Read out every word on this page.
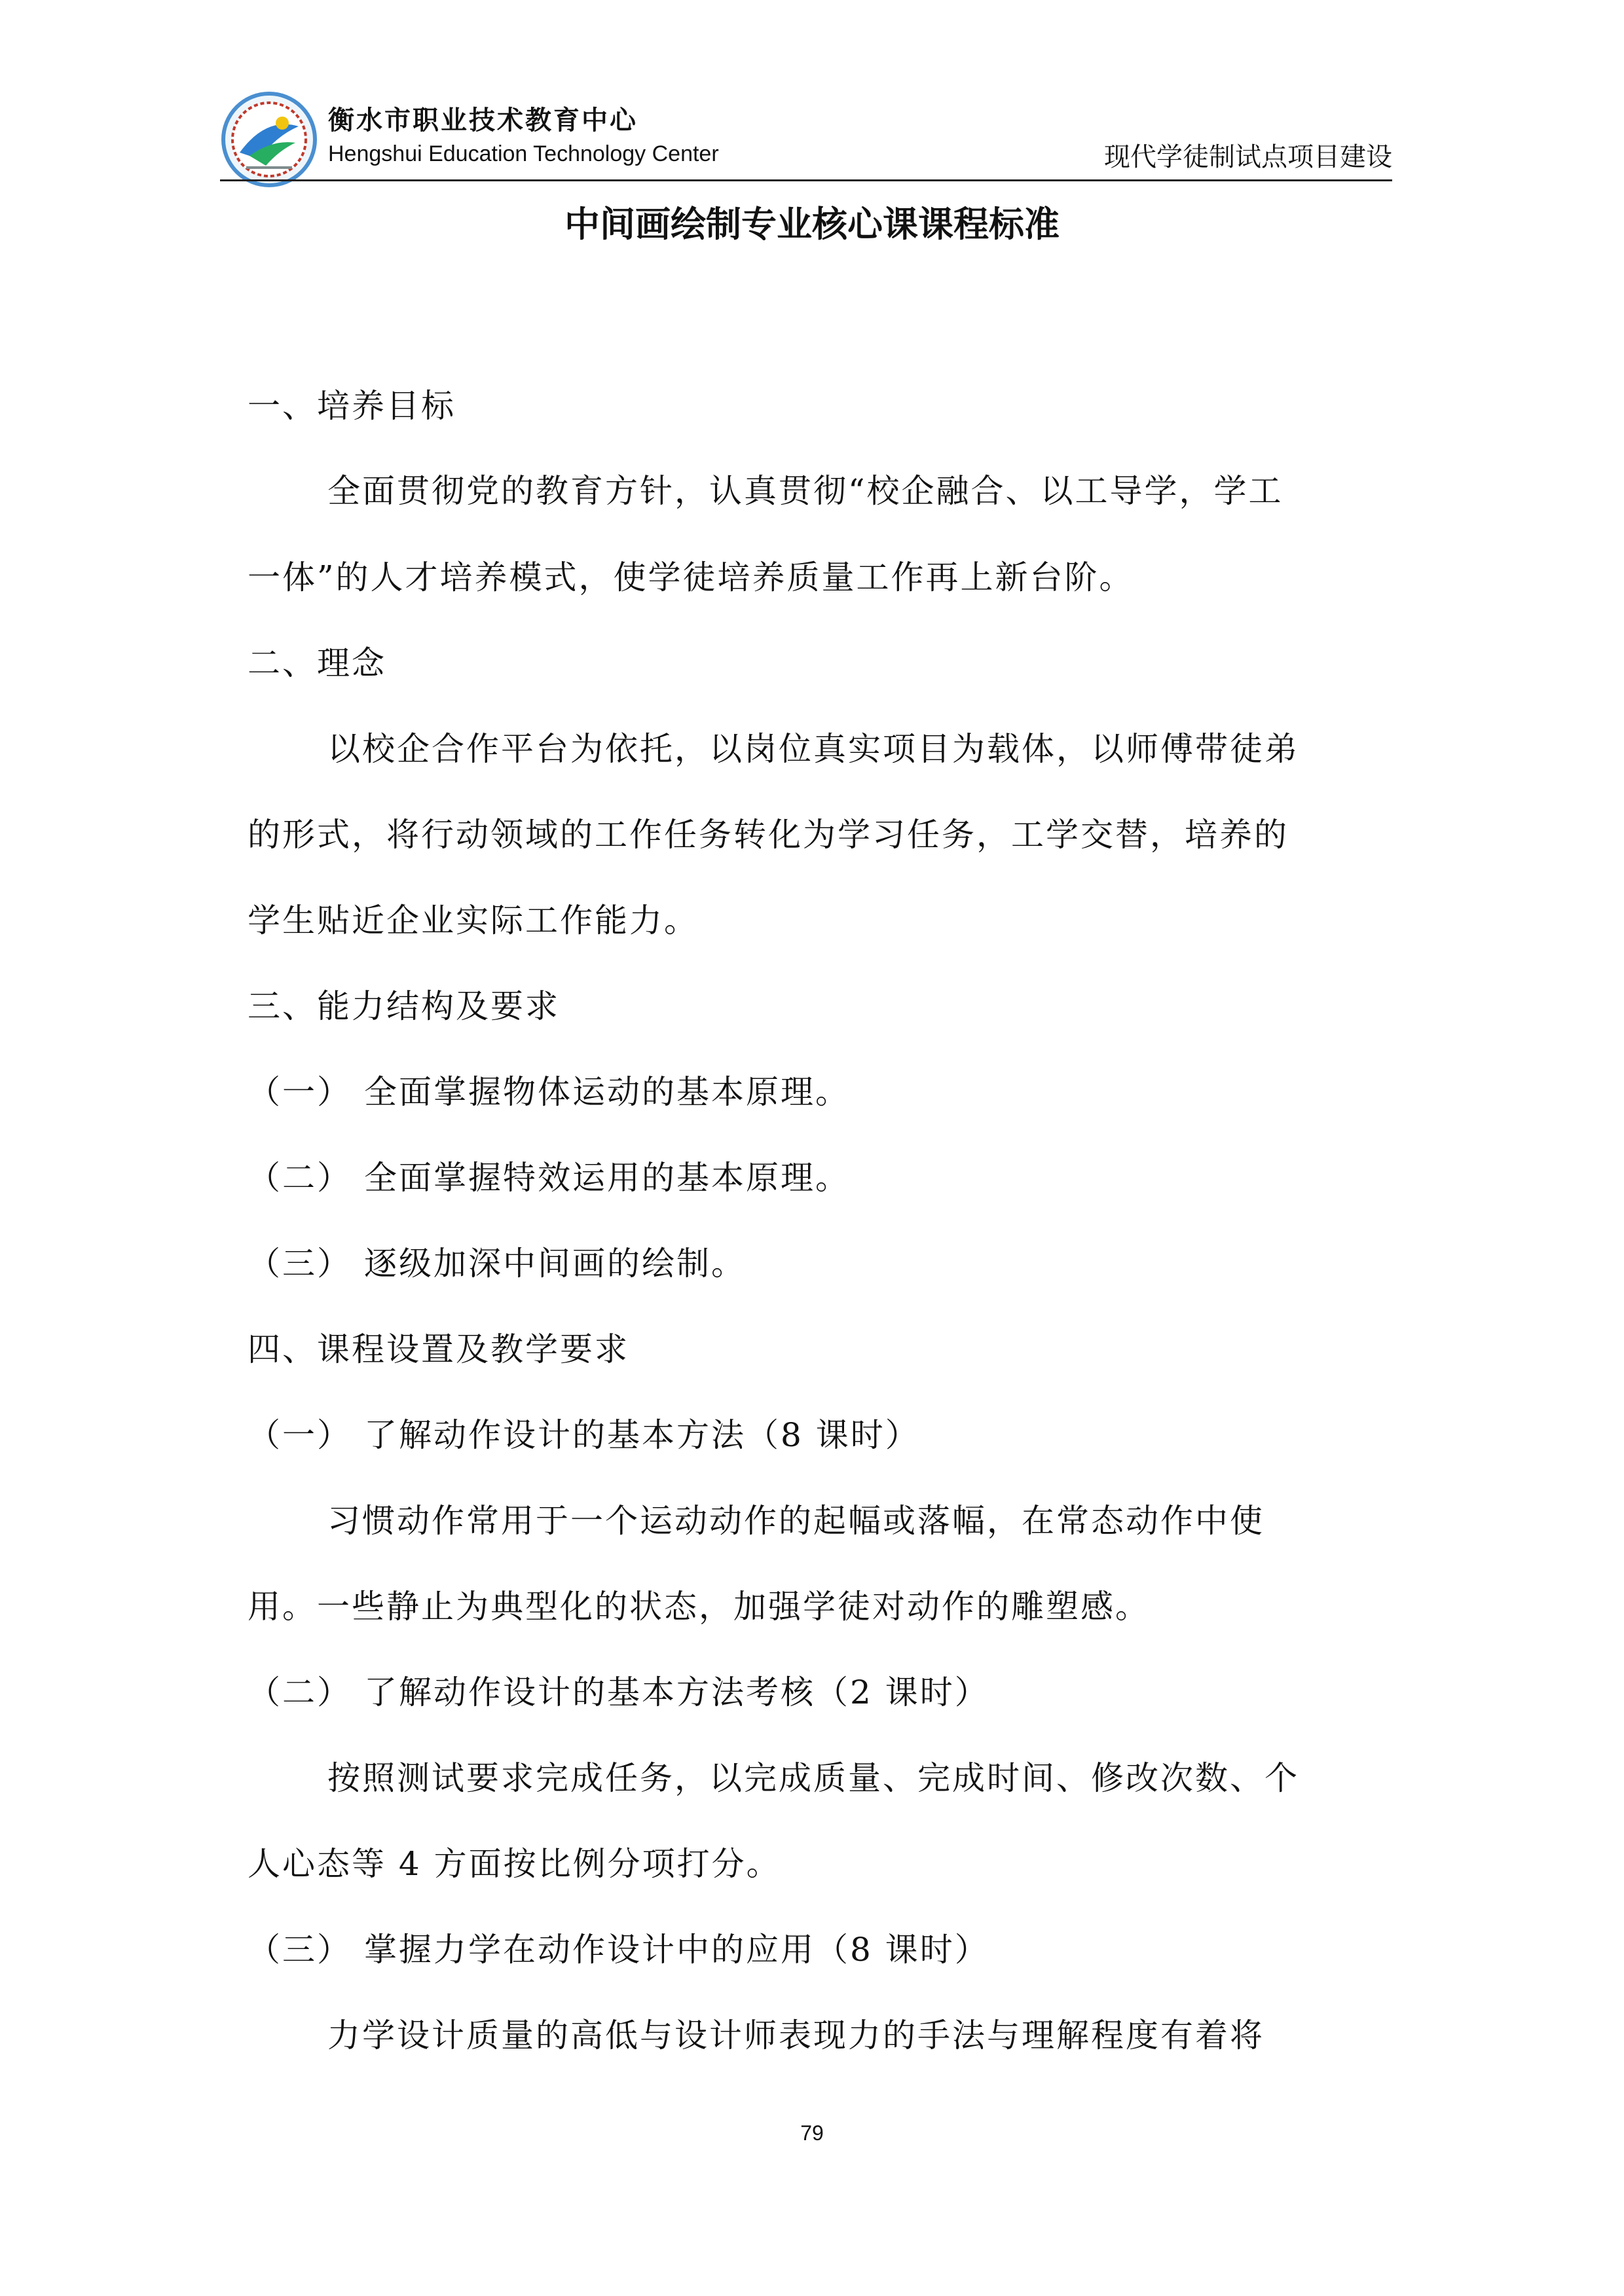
衡水市职业技术教育中心
Hengshui Education Technology Center	现代学徒制试点项目建设
中间画绘制专业核心课课程标准
一、培养目标
全面贯彻党的教育方针，认真贯彻“校企融合、以工导学，学工
一体”的人才培养模式，使学徒培养质量工作再上新台阶。
二、理念
以校企合作平台为依托，以岗位真实项目为载体，以师傅带徒弟
的形式，将行动领域的工作任务转化为学习任务，工学交替，培养的
学生贴近企业实际工作能力。
三、能力结构及要求
（一） 全面掌握物体运动的基本原理。
（二） 全面掌握特效运用的基本原理。
（三） 逐级加深中间画的绘制。
四、课程设置及教学要求
（一） 了解动作设计的基本方法（8 课时）
习惯动作常用于一个运动动作的起幅或落幅，在常态动作中使
用。一些静止为典型化的状态，加强学徒对动作的雕塑感。
（二） 了解动作设计的基本方法考核（2 课时）
按照测试要求完成任务，以完成质量、完成时间、修改次数、个
人心态等 4 方面按比例分项打分。
（三） 掌握力学在动作设计中的应用（8 课时）
力学设计质量的高低与设计师表现力的手法与理解程度有着将
79
